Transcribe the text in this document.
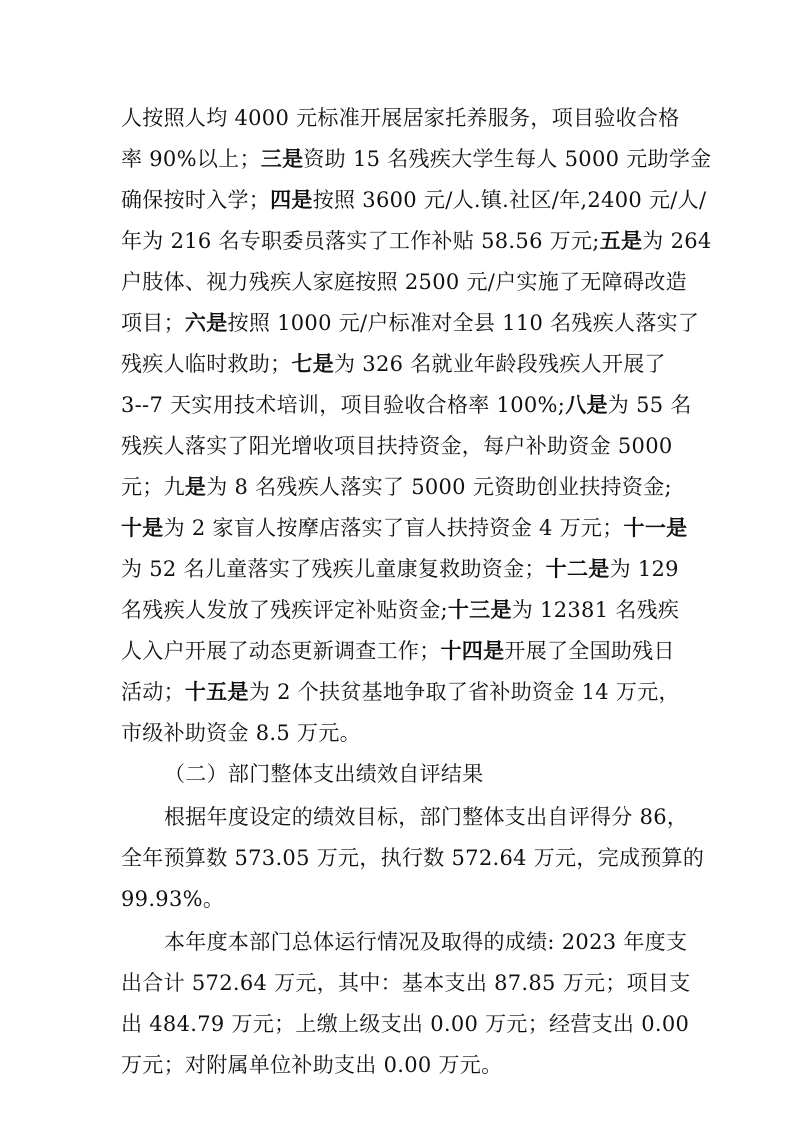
人按照人均 4000 元标准开展居家托养服务，项目验收合格
率 90%以上；三是资助 15 名残疾大学生每人 5000 元助学金
确保按时入学；四是按照 3600 元/人.镇.社区/年,2400 元/人/
年为 216 名专职委员落实了工作补贴 58.56 万元;五是为 264
户肢体、视力残疾人家庭按照 2500 元/户实施了无障碍改造
项目；六是按照 1000 元/户标准对全县 110 名残疾人落实了
残疾人临时救助；七是为 326 名就业年龄段残疾人开展了
3--7 天实用技术培训，项目验收合格率 100%;八是为 55 名
残疾人落实了阳光增收项目扶持资金，每户补助资金 5000
元；九是为 8 名残疾人落实了 5000 元资助创业扶持资金;
十是为 2 家盲人按摩店落实了盲人扶持资金 4 万元；十一是
为 52 名儿童落实了残疾儿童康复救助资金；十二是为 129
名残疾人发放了残疾评定补贴资金;十三是为 12381 名残疾
人入户开展了动态更新调查工作；十四是开展了全国助残日
活动；十五是为 2 个扶贫基地争取了省补助资金 14 万元，
市级补助资金 8.5 万元。
（二）部门整体支出绩效自评结果
根据年度设定的绩效目标，部门整体支出自评得分 86，
全年预算数 573.05 万元，执行数 572.64 万元，完成预算的
99.93%。
本年度本部门总体运行情况及取得的成绩: 2023 年度支
出合计 572.64 万元，其中：基本支出 87.85 万元；项目支
出 484.79 万元；上缴上级支出 0.00 万元；经营支出 0.00
万元；对附属单位补助支出 0.00 万元。
